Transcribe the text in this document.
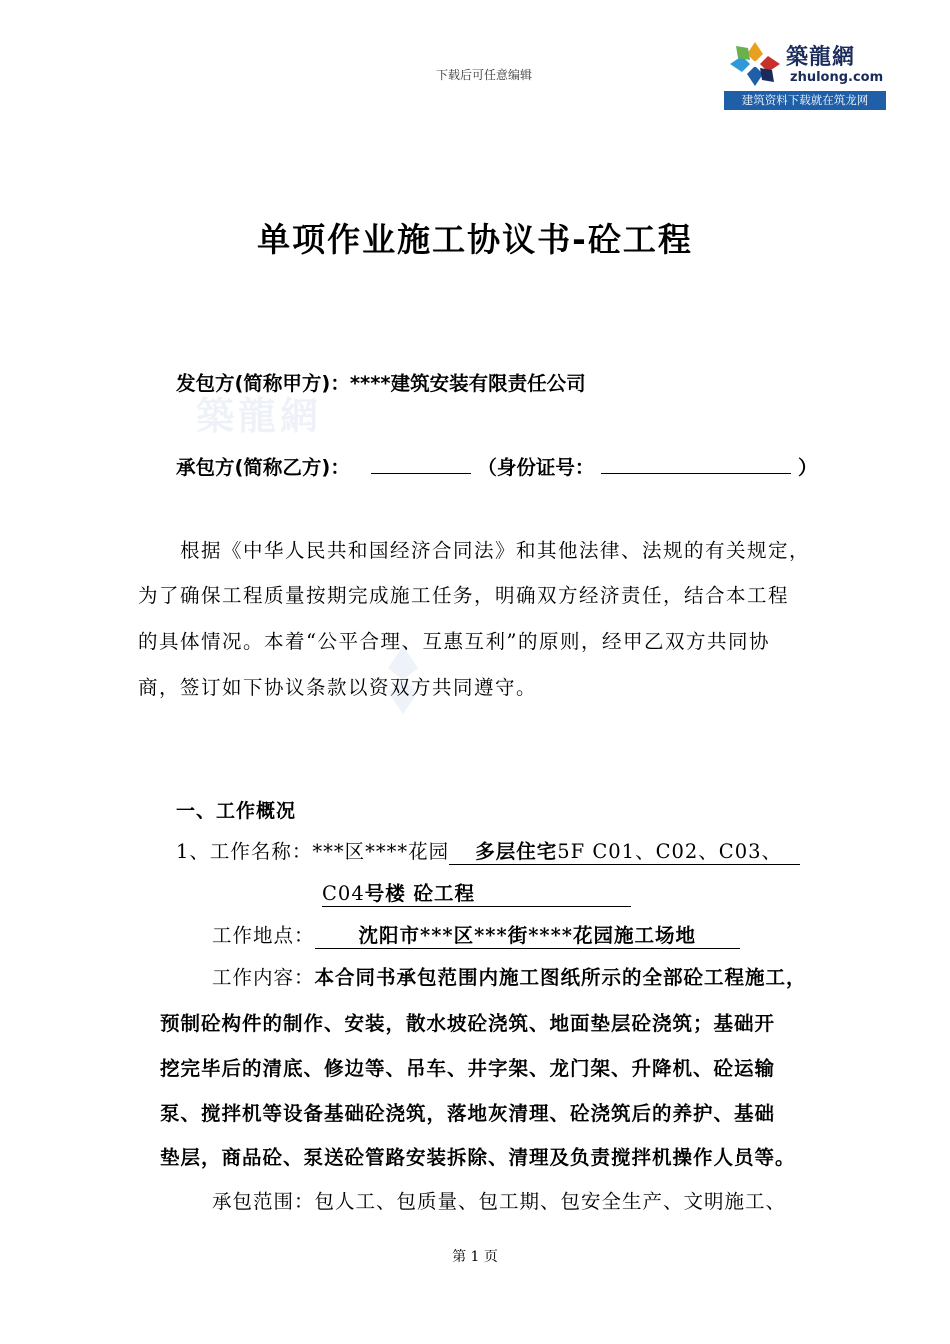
下载后可任意编辑
築龍網
zhulong.com
建筑资料下载就在筑龙网
築龍網
单项作业施工协议书-砼工程
发包方(简称甲方)：****建筑安装有限责任公司
承包方(简称乙方)：	（身份证号：	）
根据《中华人民共和国经济合同法》和其他法律、法规的有关规定，
为了确保工程质量按期完成施工任务，明确双方经济责任，结合本工程
的具体情况。本着“公平合理、互惠互利”的原则，经甲乙双方共同协
商，签订如下协议条款以资双方共同遵守。
一、工作概况
1、工作名称：***区****花园 多层住宅5F C01、C02、C03、
C04号楼 砼工程
工作地点： 沈阳市***区***街****花园施工场地
工作内容：本合同书承包范围内施工图纸所示的全部砼工程施工，
预制砼构件的制作、安装，散水坡砼浇筑、地面垫层砼浇筑；基础开
挖完毕后的清底、修边等、吊车、井字架、龙门架、升降机、砼运输
泵、搅拌机等设备基础砼浇筑，落地灰清理、砼浇筑后的养护、基础
垫层，商品砼、泵送砼管路安装拆除、清理及负责搅拌机操作人员等。
承包范围：包人工、包质量、包工期、包安全生产、文明施工、
第 1 页
